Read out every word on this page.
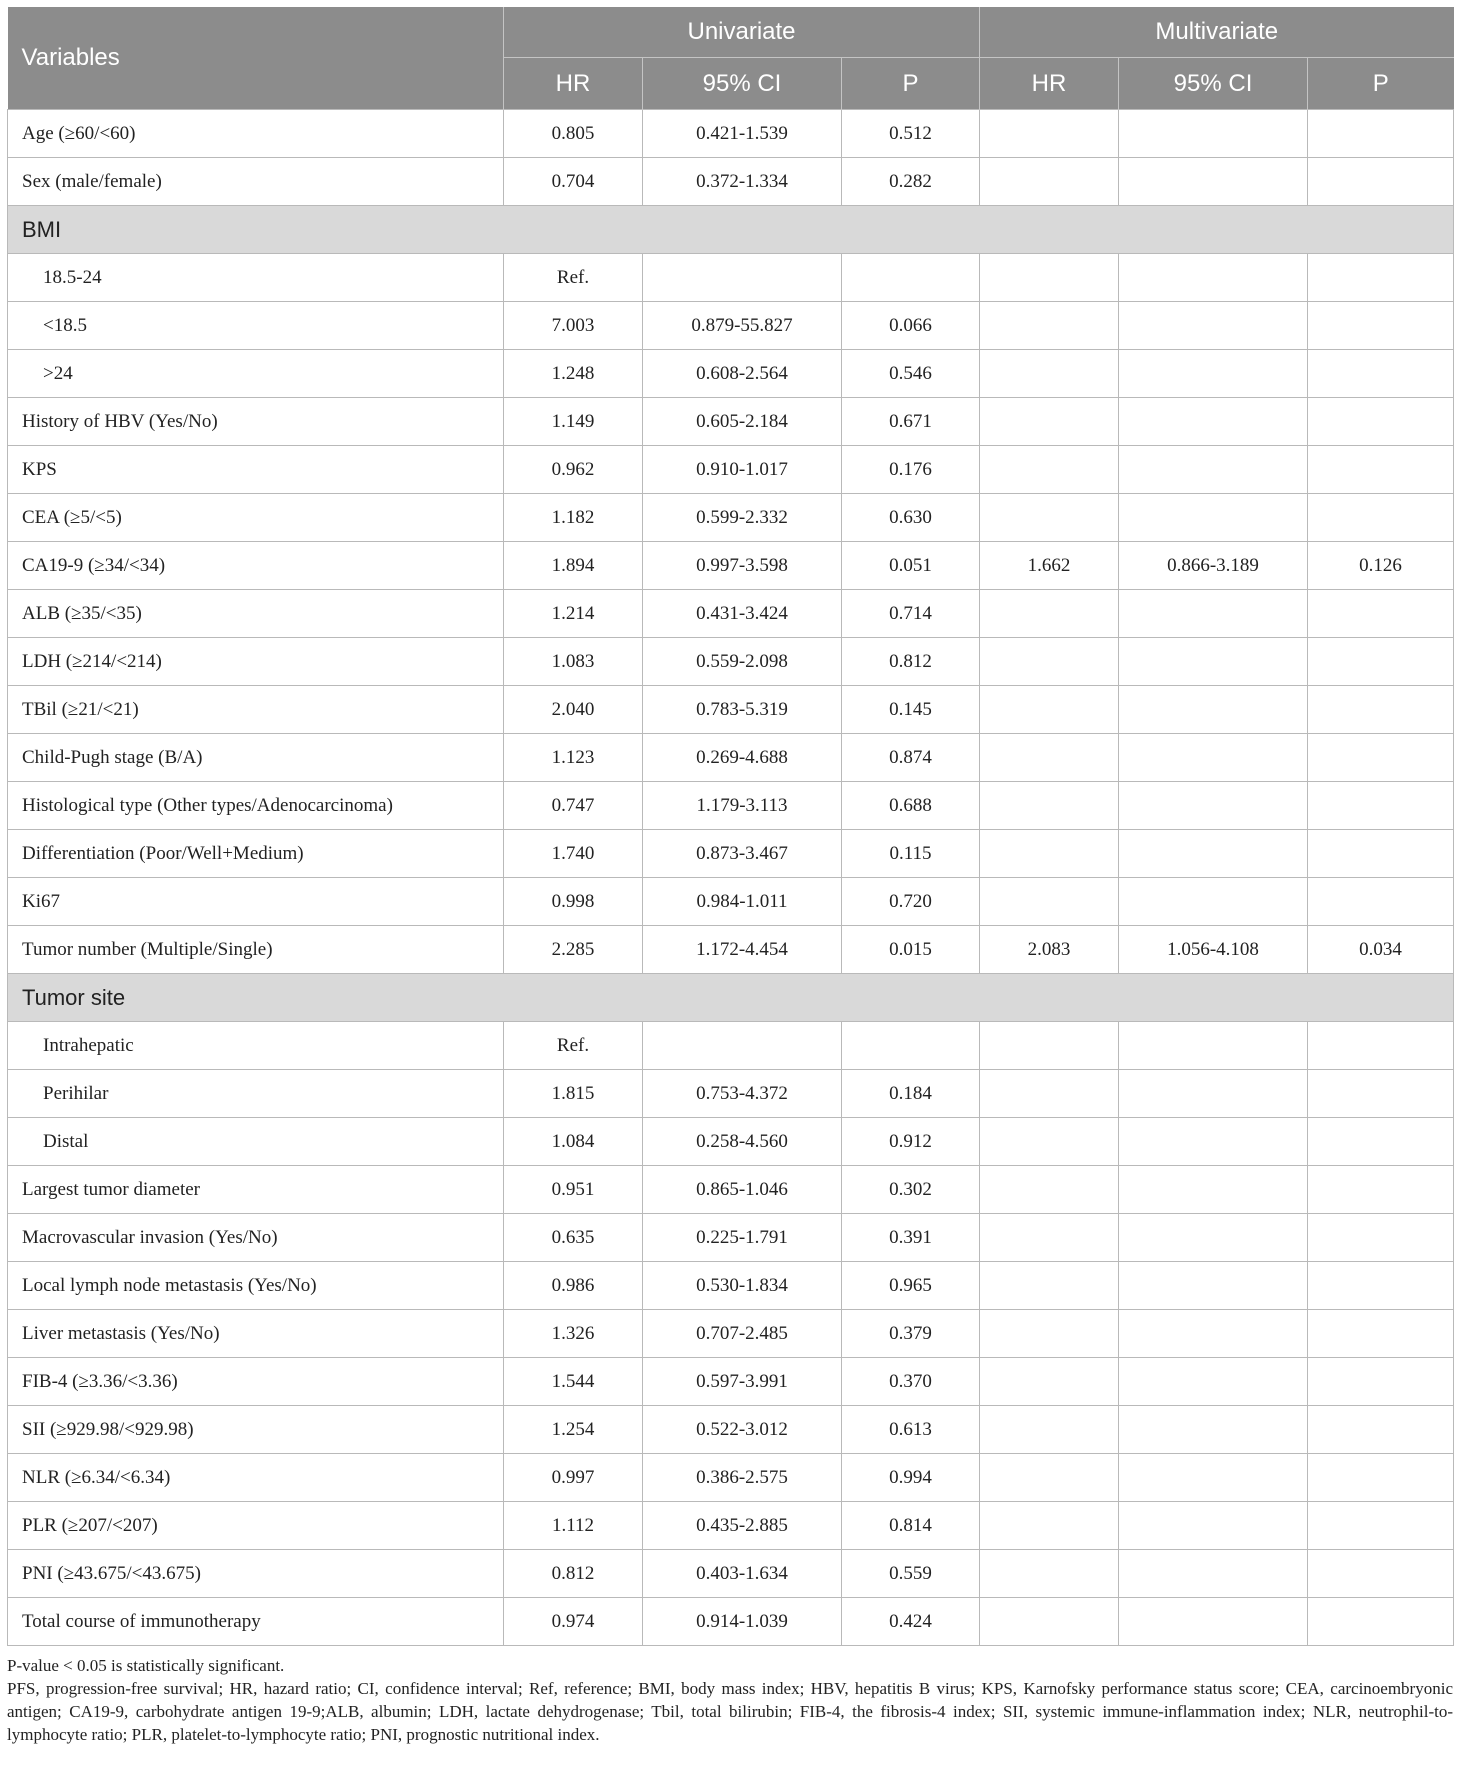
Variables	Univariate			Multivariate		
	HR	95% CI	P	HR	95% CI	P
Age (≥60/<60)	0.805	0.421-1.539	0.512			
Sex (male/female)	0.704	0.372-1.334	0.282			
BMI						
18.5-24	Ref.					
<18.5	7.003	0.879-55.827	0.066			
>24	1.248	0.608-2.564	0.546			
History of HBV (Yes/No)	1.149	0.605-2.184	0.671			
KPS	0.962	0.910-1.017	0.176			
CEA (≥5/<5)	1.182	0.599-2.332	0.630			
CA19-9 (≥34/<34)	1.894	0.997-3.598	0.051	1.662	0.866-3.189	0.126
ALB (≥35/<35)	1.214	0.431-3.424	0.714			
LDH (≥214/<214)	1.083	0.559-2.098	0.812			
TBil (≥21/<21)	2.040	0.783-5.319	0.145			
Child-Pugh stage (B/A)	1.123	0.269-4.688	0.874			
Histological type (Other types/Adenocarcinoma)	0.747	1.179-3.113	0.688			
Differentiation (Poor/Well+Medium)	1.740	0.873-3.467	0.115			
Ki67	0.998	0.984-1.011	0.720			
Tumor number (Multiple/Single)	2.285	1.172-4.454	0.015	2.083	1.056-4.108	0.034
Tumor site						
Intrahepatic	Ref.					
Perihilar	1.815	0.753-4.372	0.184			
Distal	1.084	0.258-4.560	0.912			
Largest tumor diameter	0.951	0.865-1.046	0.302			
Macrovascular invasion (Yes/No)	0.635	0.225-1.791	0.391			
Local lymph node metastasis (Yes/No)	0.986	0.530-1.834	0.965			
Liver metastasis (Yes/No)	1.326	0.707-2.485	0.379			
FIB-4 (≥3.36/<3.36)	1.544	0.597-3.991	0.370			
SII (≥929.98/<929.98)	1.254	0.522-3.012	0.613			
NLR (≥6.34/<6.34)	0.997	0.386-2.575	0.994			
PLR (≥207/<207)	1.112	0.435-2.885	0.814			
PNI (≥43.675/<43.675)	0.812	0.403-1.634	0.559			
Total course of immunotherapy	0.974	0.914-1.039	0.424			

P-value < 0.05 is statistically significant.

PFS, progression-free survival; HR, hazard ratio; CI, confidence interval; Ref, reference; BMI, body mass index; HBV, hepatitis B virus; KPS, Karnofsky performance status score; CEA, carcinoembryonic antigen; CA19-9, carbohydrate antigen 19-9;ALB, albumin; LDH, lactate dehydrogenase; Tbil, total bilirubin; FIB-4, the fibrosis-4 index; SII, systemic immune-inflammation index; NLR, neutrophil-to-lymphocyte ratio; PLR, platelet-to-lymphocyte ratio; PNI, prognostic nutritional index.
